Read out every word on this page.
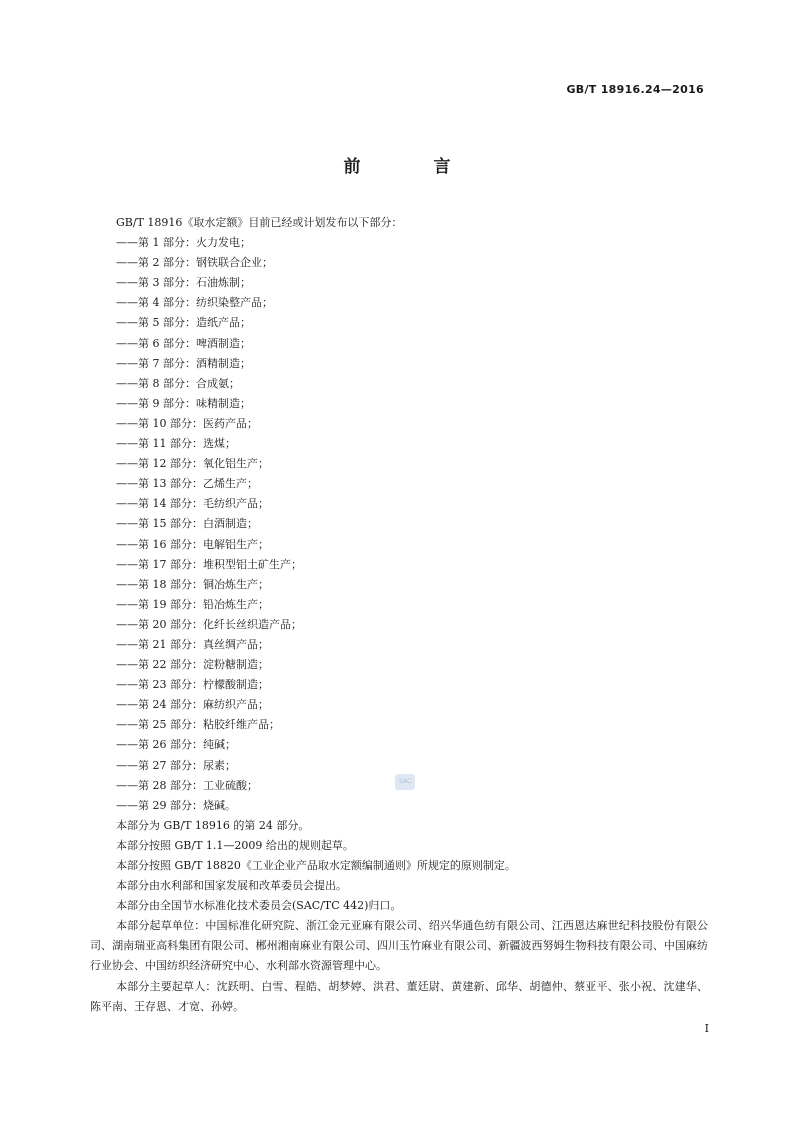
GB/T 18916.24—2016
前　言

GB/T 18916《取水定额》目前已经或计划发布以下部分：

——第 1 部分：火力发电；
——第 2 部分：钢铁联合企业；
——第 3 部分：石油炼制；
——第 4 部分：纺织染整产品；
——第 5 部分：造纸产品；
——第 6 部分：啤酒制造；
——第 7 部分：酒精制造；
——第 8 部分：合成氨；
——第 9 部分：味精制造；
——第 10 部分：医药产品；
——第 11 部分：选煤；
——第 12 部分：氧化铝生产；
——第 13 部分：乙烯生产；
——第 14 部分：毛纺织产品；
——第 15 部分：白酒制造；
——第 16 部分：电解铝生产；
——第 17 部分：堆积型铝土矿生产；
——第 18 部分：铜冶炼生产；
——第 19 部分：铅冶炼生产；
——第 20 部分：化纤长丝织造产品；
——第 21 部分：真丝绸产品；
——第 22 部分：淀粉糖制造；
——第 23 部分：柠檬酸制造；
——第 24 部分：麻纺织产品；
——第 25 部分：粘胶纤维产品；
——第 26 部分：纯碱；
——第 27 部分：尿素；
——第 28 部分：工业硫酸；
——第 29 部分：烧碱。

本部分为 GB/T 18916 的第 24 部分。

本部分按照 GB/T 1.1—2009 给出的规则起草。

本部分按照 GB/T 18820《工业企业产品取水定额编制通则》所规定的原则制定。

本部分由水利部和国家发展和改革委员会提出。

本部分由全国节水标准化技术委员会(SAC/TC 442)归口。

本部分起草单位：中国标准化研究院、浙江金元亚麻有限公司、绍兴华通色纺有限公司、江西恩达麻世纪科技股份有限公司、湖南瑞亚高科集团有限公司、郴州湘南麻业有限公司、四川玉竹麻业有限公司、新疆波西努姆生物科技有限公司、中国麻纺行业协会、中国纺织经济研究中心、水利部水资源管理中心。

本部分主要起草人：沈跃明、白雪、程皓、胡梦婷、洪君、董廷尉、黄建新、邱华、胡德仲、蔡亚平、张小祝、沈建华、陈平南、王存恩、才宽、孙婷。

SAC
I
